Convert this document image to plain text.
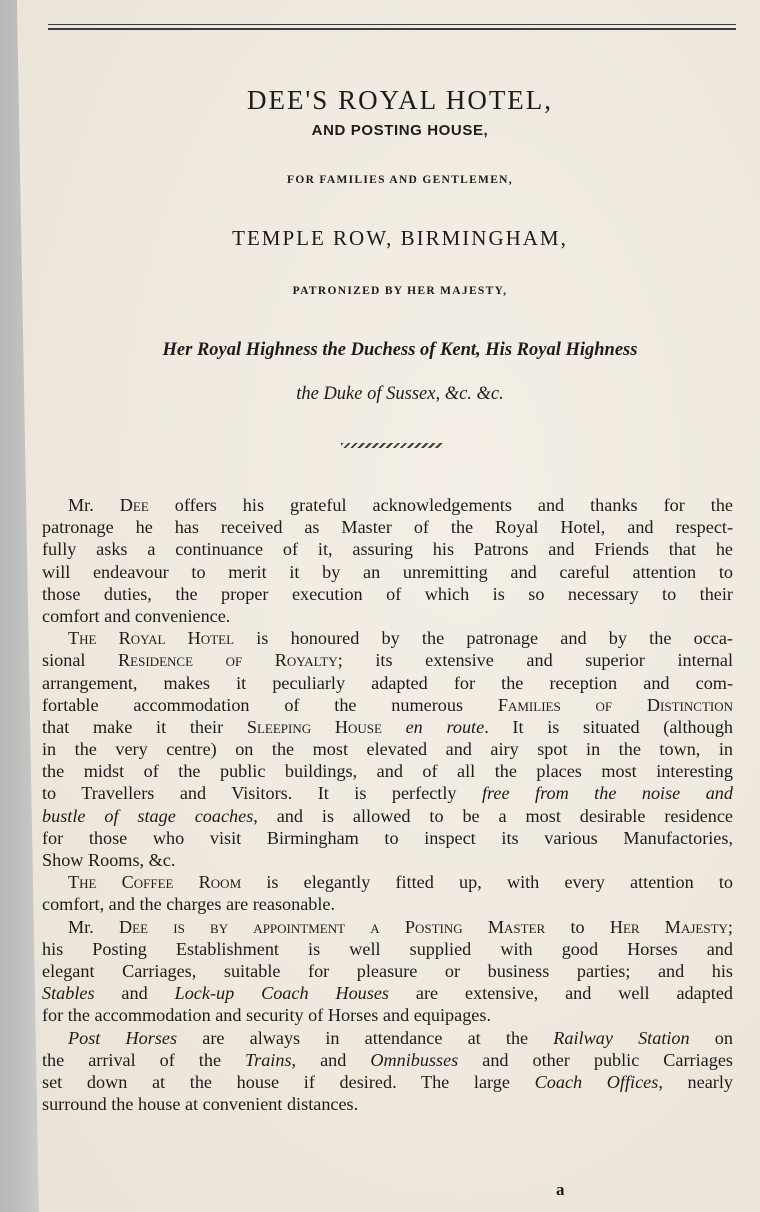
DEE'S ROYAL HOTEL,
AND POSTING HOUSE,
FOR FAMILIES AND GENTLEMEN,
TEMPLE ROW, BIRMINGHAM,
PATRONIZED BY HER MAJESTY,
Her Royal Highness the Duchess of Kent, His Royal Highness
the Duke of Sussex, &c. &c.
Mr. Dee offers his grateful acknowledgements and thanks for the
patronage he has received as Master of the Royal Hotel, and respect-
fully asks a continuance of it, assuring his Patrons and Friends that he
will endeavour to merit it by an unremitting and careful attention to
those duties, the proper execution of which is so necessary to their
comfort and convenience.
The Royal Hotel is honoured by the patronage and by the occa-
sional Residence of Royalty; its extensive and superior internal
arrangement, makes it peculiarly adapted for the reception and com-
fortable accommodation of the numerous Families of Distinction
that make it their Sleeping House en route. It is situated (although
in the very centre) on the most elevated and airy spot in the town, in
the midst of the public buildings, and of all the places most interesting
to Travellers and Visitors. It is perfectly free from the noise and
bustle of stage coaches, and is allowed to be a most desirable residence
for those who visit Birmingham to inspect its various Manufactories,
Show Rooms, &c.
The Coffee Room is elegantly fitted up, with every attention to
comfort, and the charges are reasonable.
Mr. Dee is by appointment a Posting Master to Her Majesty;
his Posting Establishment is well supplied with good Horses and
elegant Carriages, suitable for pleasure or business parties; and his
Stables and Lock-up Coach Houses are extensive, and well adapted
for the accommodation and security of Horses and equipages.
Post Horses are always in attendance at the Railway Station on
the arrival of the Trains, and Omnibusses and other public Carriages
set down at the house if desired. The large Coach Offices, nearly
surround the house at convenient distances.
a
